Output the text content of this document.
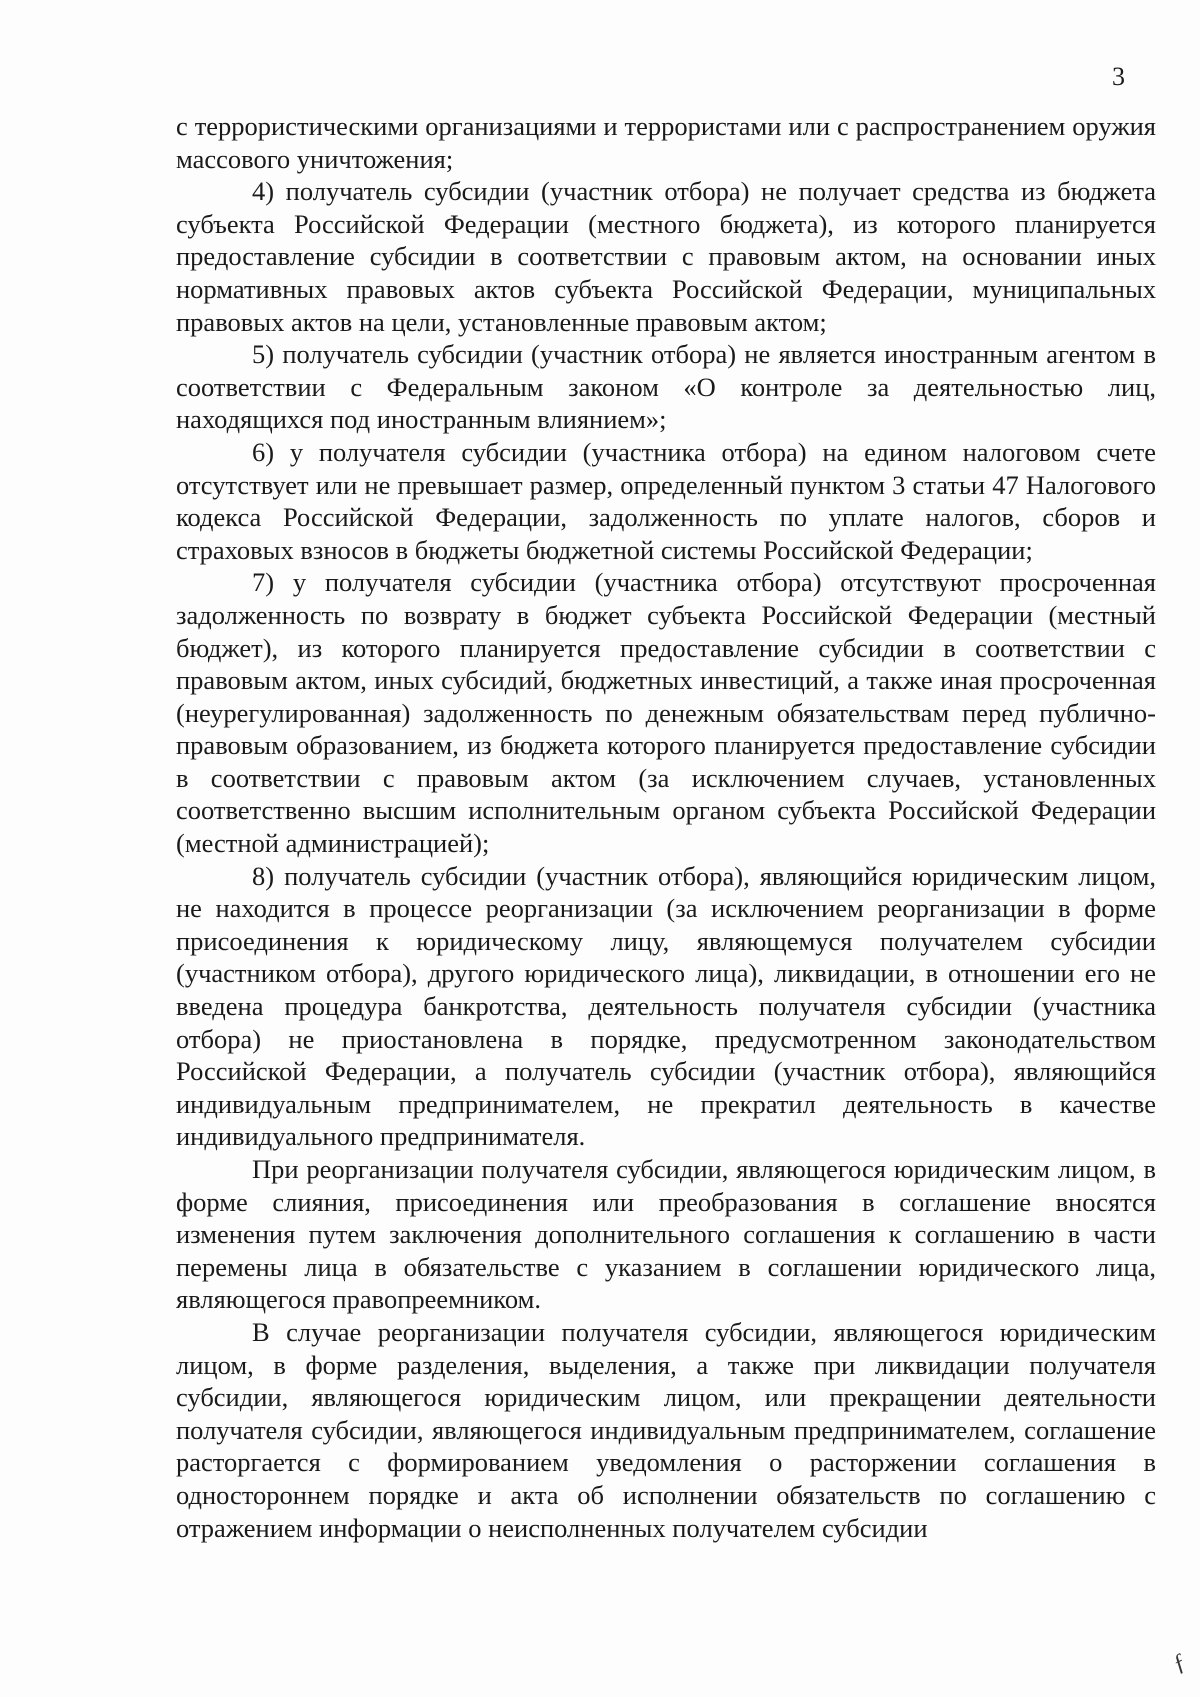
3

с террористическими организациями и террористами или с распространением оружия массового уничтожения;

4) получатель субсидии (участник отбора) не получает средства из бюджета субъекта Российской Федерации (местного бюджета), из которого планируется предоставление субсидии в соответствии с правовым актом, на основании иных нормативных правовых актов субъекта Российской Федерации, муниципальных правовых актов на цели, установленные правовым актом;

5) получатель субсидии (участник отбора) не является иностранным агентом в соответствии с Федеральным законом «О контроле за деятельностью лиц, находящихся под иностранным влиянием»;

6) у получателя субсидии (участника отбора) на едином налоговом счете отсутствует или не превышает размер, определенный пунктом 3 статьи 47 Налогового кодекса Российской Федерации, задолженность по уплате налогов, сборов и страховых взносов в бюджеты бюджетной системы Российской Федерации;

7) у получателя субсидии (участника отбора) отсутствуют просроченная задолженность по возврату в бюджет субъекта Российской Федерации (местный бюджет), из которого планируется предоставление субсидии в соответствии с правовым актом, иных субсидий, бюджетных инвестиций, а также иная просроченная (неурегулированная) задолженность по денежным обязательствам перед публично-правовым образованием, из бюджета которого планируется предоставление субсидии в соответствии с правовым актом (за исключением случаев, установленных соответственно высшим исполнительным органом субъекта Российской Федерации (местной администрацией);

8) получатель субсидии (участник отбора), являющийся юридическим лицом, не находится в процессе реорганизации (за исключением реорганизации в форме присоединения к юридическому лицу, являющемуся получателем субсидии (участником отбора), другого юридического лица), ликвидации, в отношении его не введена процедура банкротства, деятельность получателя субсидии (участника отбора) не приостановлена в порядке, предусмотренном законодательством Российской Федерации, а получатель субсидии (участник отбора), являющийся индивидуальным предпринимателем, не прекратил деятельность в качестве индивидуального предпринимателя.

При реорганизации получателя субсидии, являющегося юридическим лицом, в форме слияния, присоединения или преобразования в соглашение вносятся изменения путем заключения дополнительного соглашения к соглашению в части перемены лица в обязательстве с указанием в соглашении юридического лица, являющегося правопреемником.

В случае реорганизации получателя субсидии, являющегося юридическим лицом, в форме разделения, выделения, а также при ликвидации получателя субсидии, являющегося юридическим лицом, или прекращении деятельности получателя субсидии, являющегося индивидуальным предпринимателем, соглашение расторгается с формированием уведомления о расторжении соглашения в одностороннем порядке и акта об исполнении обязательств по соглашению с отражением информации о неисполненных получателем субсидии

ƒ
